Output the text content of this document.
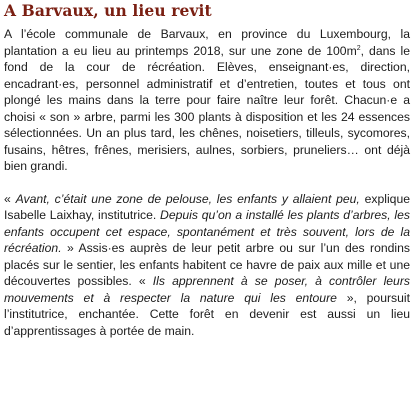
A Barvaux, un lieu revit

A l’école communale de Barvaux, en province du Luxembourg, la plantation a eu lieu au printemps 2018, sur une zone de $100m^2$, dans le fond de la cour de récréation. Elèves, enseignant·es, direction, encadrant·es, personnel administratif et d’entretien, toutes et tous ont plongé les mains dans la terre pour faire naître leur forêt. Chacun·e a choisi « son » arbre, parmi les 300 plants à disposition et les 24 essences sélectionnées. Un an plus tard, les chênes, noisetiers, tilleuls, sycomores, fusains, hêtres, frênes, merisiers, aulnes, sorbiers, pruneliers… ont déjà bien grandi.

« Avant, c’était une zone de pelouse, les enfants y allaient peu, explique Isabelle Laixhay, institutrice. Depuis qu’on a installé les plants d’arbres, les enfants occupent cet espace, spontanément et très souvent, lors de la récréation. » Assis·es auprès de leur petit arbre ou sur l’un des rondins placés sur le sentier, les enfants habitent ce havre de paix aux mille et une découvertes possibles. « Ils apprennent à se poser, à contrôler leurs mouvements et à respecter la nature qui les entoure », poursuit l’institutrice, enchantée. Cette forêt en devenir est aussi un lieu d’apprentissages à portée de main.
